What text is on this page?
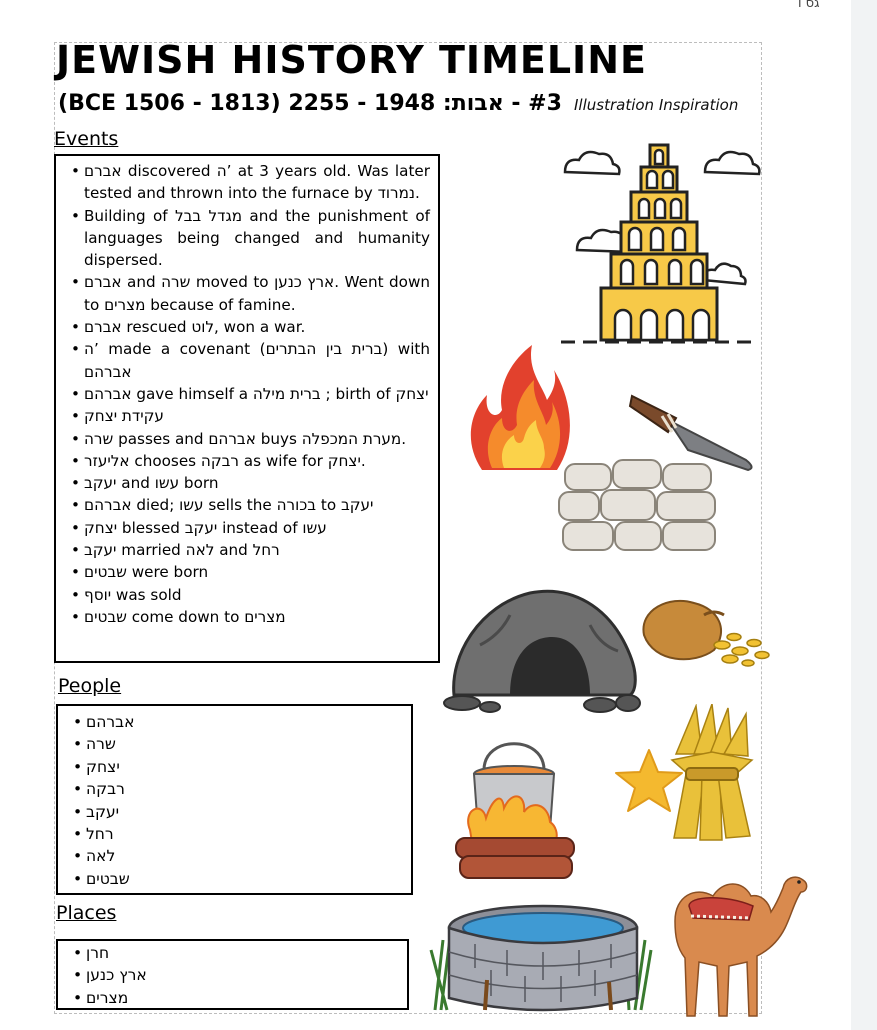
גס ו
JEWISH HISTORY TIMELINE
#3 - אבות: 1948 - 2255 (1813 - 1506 BCE) Illustration Inspiration
Events
• אברם discovered ה’ at 3 years old. Was later tested and thrown into the furnace by נמרוד.
• Building of מגדל בבל and the punishment of languages being changed and humanity dispersed.
• אברם and שרה moved to ארץ כנען. Went down to מצרים because of famine.
• אברם rescued לוט, won a war.
• ה’ made a covenant (ברית בין הבתרים) with אברהם
• אברהם gave himself a ברית מילה ; birth of יצחק
• עקידת יצחק
• שרה passes and אברהם buys מערת המכפלה.
• אליעזר chooses רבקה as wife for יצחק.
• יעקב and עשו born
• אברהם died; עשו sells the בכורה to יעקב
• יצחק blessed יעקב instead of עשו
• יעקב married לאה and רחל
• שבטים were born
• יוסף was sold
• שבטים come down to מצרים
People
• אברהם
• שרה
• יצחק
• רבקה
• יעקב
• רחל
• לאה
• שבטים
Places
• חרן
• ארץ כנען
• מצרים
